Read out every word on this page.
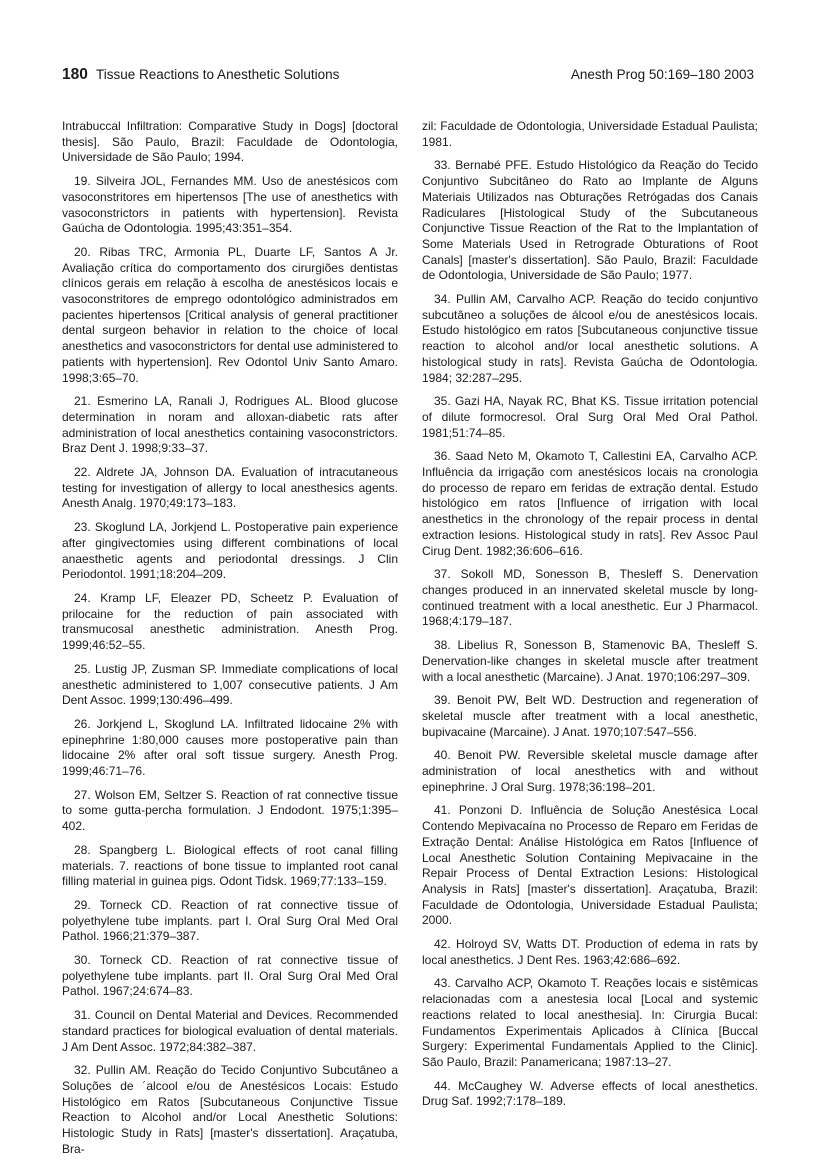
180 Tissue Reactions to Anesthetic Solutions	Anesth Prog 50:169–180 2003

Intrabuccal Infiltration: Comparative Study in Dogs] [doctoral thesis]. São Paulo, Brazil: Faculdade de Odontologia, Universidade de São Paulo; 1994.

19. Silveira JOL, Fernandes MM. Uso de anestésicos com vasoconstritores em hipertensos [The use of anesthetics with vasoconstrictors in patients with hypertension]. Revista Gaúcha de Odontologia. 1995;43:351–354.

20. Ribas TRC, Armonia PL, Duarte LF, Santos A Jr. Avaliação crítica do comportamento dos cirurgiões dentistas clínicos gerais em relação à escolha de anestésicos locais e vasoconstritores de emprego odontológico administrados em pacientes hipertensos [Critical analysis of general practitioner dental surgeon behavior in relation to the choice of local anesthetics and vasoconstrictors for dental use administered to patients with hypertension]. Rev Odontol Univ Santo Amaro. 1998;3:65–70.

21. Esmerino LA, Ranali J, Rodrigues AL. Blood glucose determination in noram and alloxan-diabetic rats after administration of local anesthetics containing vasoconstrictors. Braz Dent J. 1998;9:33–37.

22. Aldrete JA, Johnson DA. Evaluation of intracutaneous testing for investigation of allergy to local anesthesics agents. Anesth Analg. 1970;49:173–183.

23. Skoglund LA, Jorkjend L. Postoperative pain experience after gingivectomies using different combinations of local anaesthetic agents and periodontal dressings. J Clin Periodontol. 1991;18:204–209.

24. Kramp LF, Eleazer PD, Scheetz P. Evaluation of prilocaine for the reduction of pain associated with transmucosal anesthetic administration. Anesth Prog. 1999;46:52–55.

25. Lustig JP, Zusman SP. Immediate complications of local anesthetic administered to 1,007 consecutive patients. J Am Dent Assoc. 1999;130:496–499.

26. Jorkjend L, Skoglund LA. Infiltrated lidocaine 2% with epinephrine 1:80,000 causes more postoperative pain than lidocaine 2% after oral soft tissue surgery. Anesth Prog. 1999;46:71–76.

27. Wolson EM, Seltzer S. Reaction of rat connective tissue to some gutta-percha formulation. J Endodont. 1975;1:395–402.

28. Spangberg L. Biological effects of root canal filling materials. 7. reactions of bone tissue to implanted root canal filling material in guinea pigs. Odont Tidsk. 1969;77:133–159.

29. Torneck CD. Reaction of rat connective tissue of polyethylene tube implants. part I. Oral Surg Oral Med Oral Pathol. 1966;21:379–387.

30. Torneck CD. Reaction of rat connective tissue of polyethylene tube implants. part II. Oral Surg Oral Med Oral Pathol. 1967;24:674–83.

31. Council on Dental Material and Devices. Recommended standard practices for biological evaluation of dental materials. J Am Dent Assoc. 1972;84:382–387.

32. Pullin AM. Reação do Tecido Conjuntivo Subcutâneo a Soluções de ´alcool e/ou de Anestésicos Locais: Estudo Histológico em Ratos [Subcutaneous Conjunctive Tissue Reaction to Alcohol and/or Local Anesthetic Solutions: Histologic Study in Rats] [master's dissertation]. Araçatuba, Bra-

zil: Faculdade de Odontologia, Universidade Estadual Paulista; 1981.

33. Bernabé PFE. Estudo Histológico da Reação do Tecido Conjuntivo Subcitâneo do Rato ao Implante de Alguns Materiais Utilizados nas Obturações Retrógadas dos Canais Radiculares [Histological Study of the Subcutaneous Conjunctive Tissue Reaction of the Rat to the Implantation of Some Materials Used in Retrograde Obturations of Root Canals] [master's dissertation]. São Paulo, Brazil: Faculdade de Odontologia, Universidade de São Paulo; 1977.

34. Pullin AM, Carvalho ACP. Reação do tecido conjuntivo subcutâneo a soluções de álcool e/ou de anestésicos locais. Estudo histológico em ratos [Subcutaneous conjunctive tissue reaction to alcohol and/or local anesthetic solutions. A histological study in rats]. Revista Gaúcha de Odontologia. 1984; 32:287–295.

35. Gazi HA, Nayak RC, Bhat KS. Tissue irritation potencial of dilute formocresol. Oral Surg Oral Med Oral Pathol. 1981;51:74–85.

36. Saad Neto M, Okamoto T, Callestini EA, Carvalho ACP. Influência da irrigação com anestésicos locais na cronologia do processo de reparo em feridas de extração dental. Estudo histológico em ratos [Influence of irrigation with local anesthetics in the chronology of the repair process in dental extraction lesions. Histological study in rats]. Rev Assoc Paul Cirug Dent. 1982;36:606–616.

37. Sokoll MD, Sonesson B, Thesleff S. Denervation changes produced in an innervated skeletal muscle by long-continued treatment with a local anesthetic. Eur J Pharmacol. 1968;4:179–187.

38. Libelius R, Sonesson B, Stamenovic BA, Thesleff S. Denervation-like changes in skeletal muscle after treatment with a local anesthetic (Marcaine). J Anat. 1970;106:297–309.

39. Benoit PW, Belt WD. Destruction and regeneration of skeletal muscle after treatment with a local anesthetic, bupivacaine (Marcaine). J Anat. 1970;107:547–556.

40. Benoit PW. Reversible skeletal muscle damage after administration of local anesthetics with and without epinephrine. J Oral Surg. 1978;36:198–201.

41. Ponzoni D. Influência de Solução Anestésica Local Contendo Mepivacaína no Processo de Reparo em Feridas de Extração Dental: Análise Histológica em Ratos [Influence of Local Anesthetic Solution Containing Mepivacaine in the Repair Process of Dental Extraction Lesions: Histological Analysis in Rats] [master's dissertation]. Araçatuba, Brazil: Faculdade de Odontologia, Universidade Estadual Paulista; 2000.

42. Holroyd SV, Watts DT. Production of edema in rats by local anesthetics. J Dent Res. 1963;42:686–692.

43. Carvalho ACP, Okamoto T. Reações locais e sistêmicas relacionadas com a anestesia local [Local and systemic reactions related to local anesthesia]. In: Cirurgia Bucal: Fundamentos Experimentais Aplicados à Clínica [Buccal Surgery: Experimental Fundamentals Applied to the Clinic]. São Paulo, Brazil: Panamericana; 1987:13–27.

44. McCaughey W. Adverse effects of local anesthetics. Drug Saf. 1992;7:178–189.
